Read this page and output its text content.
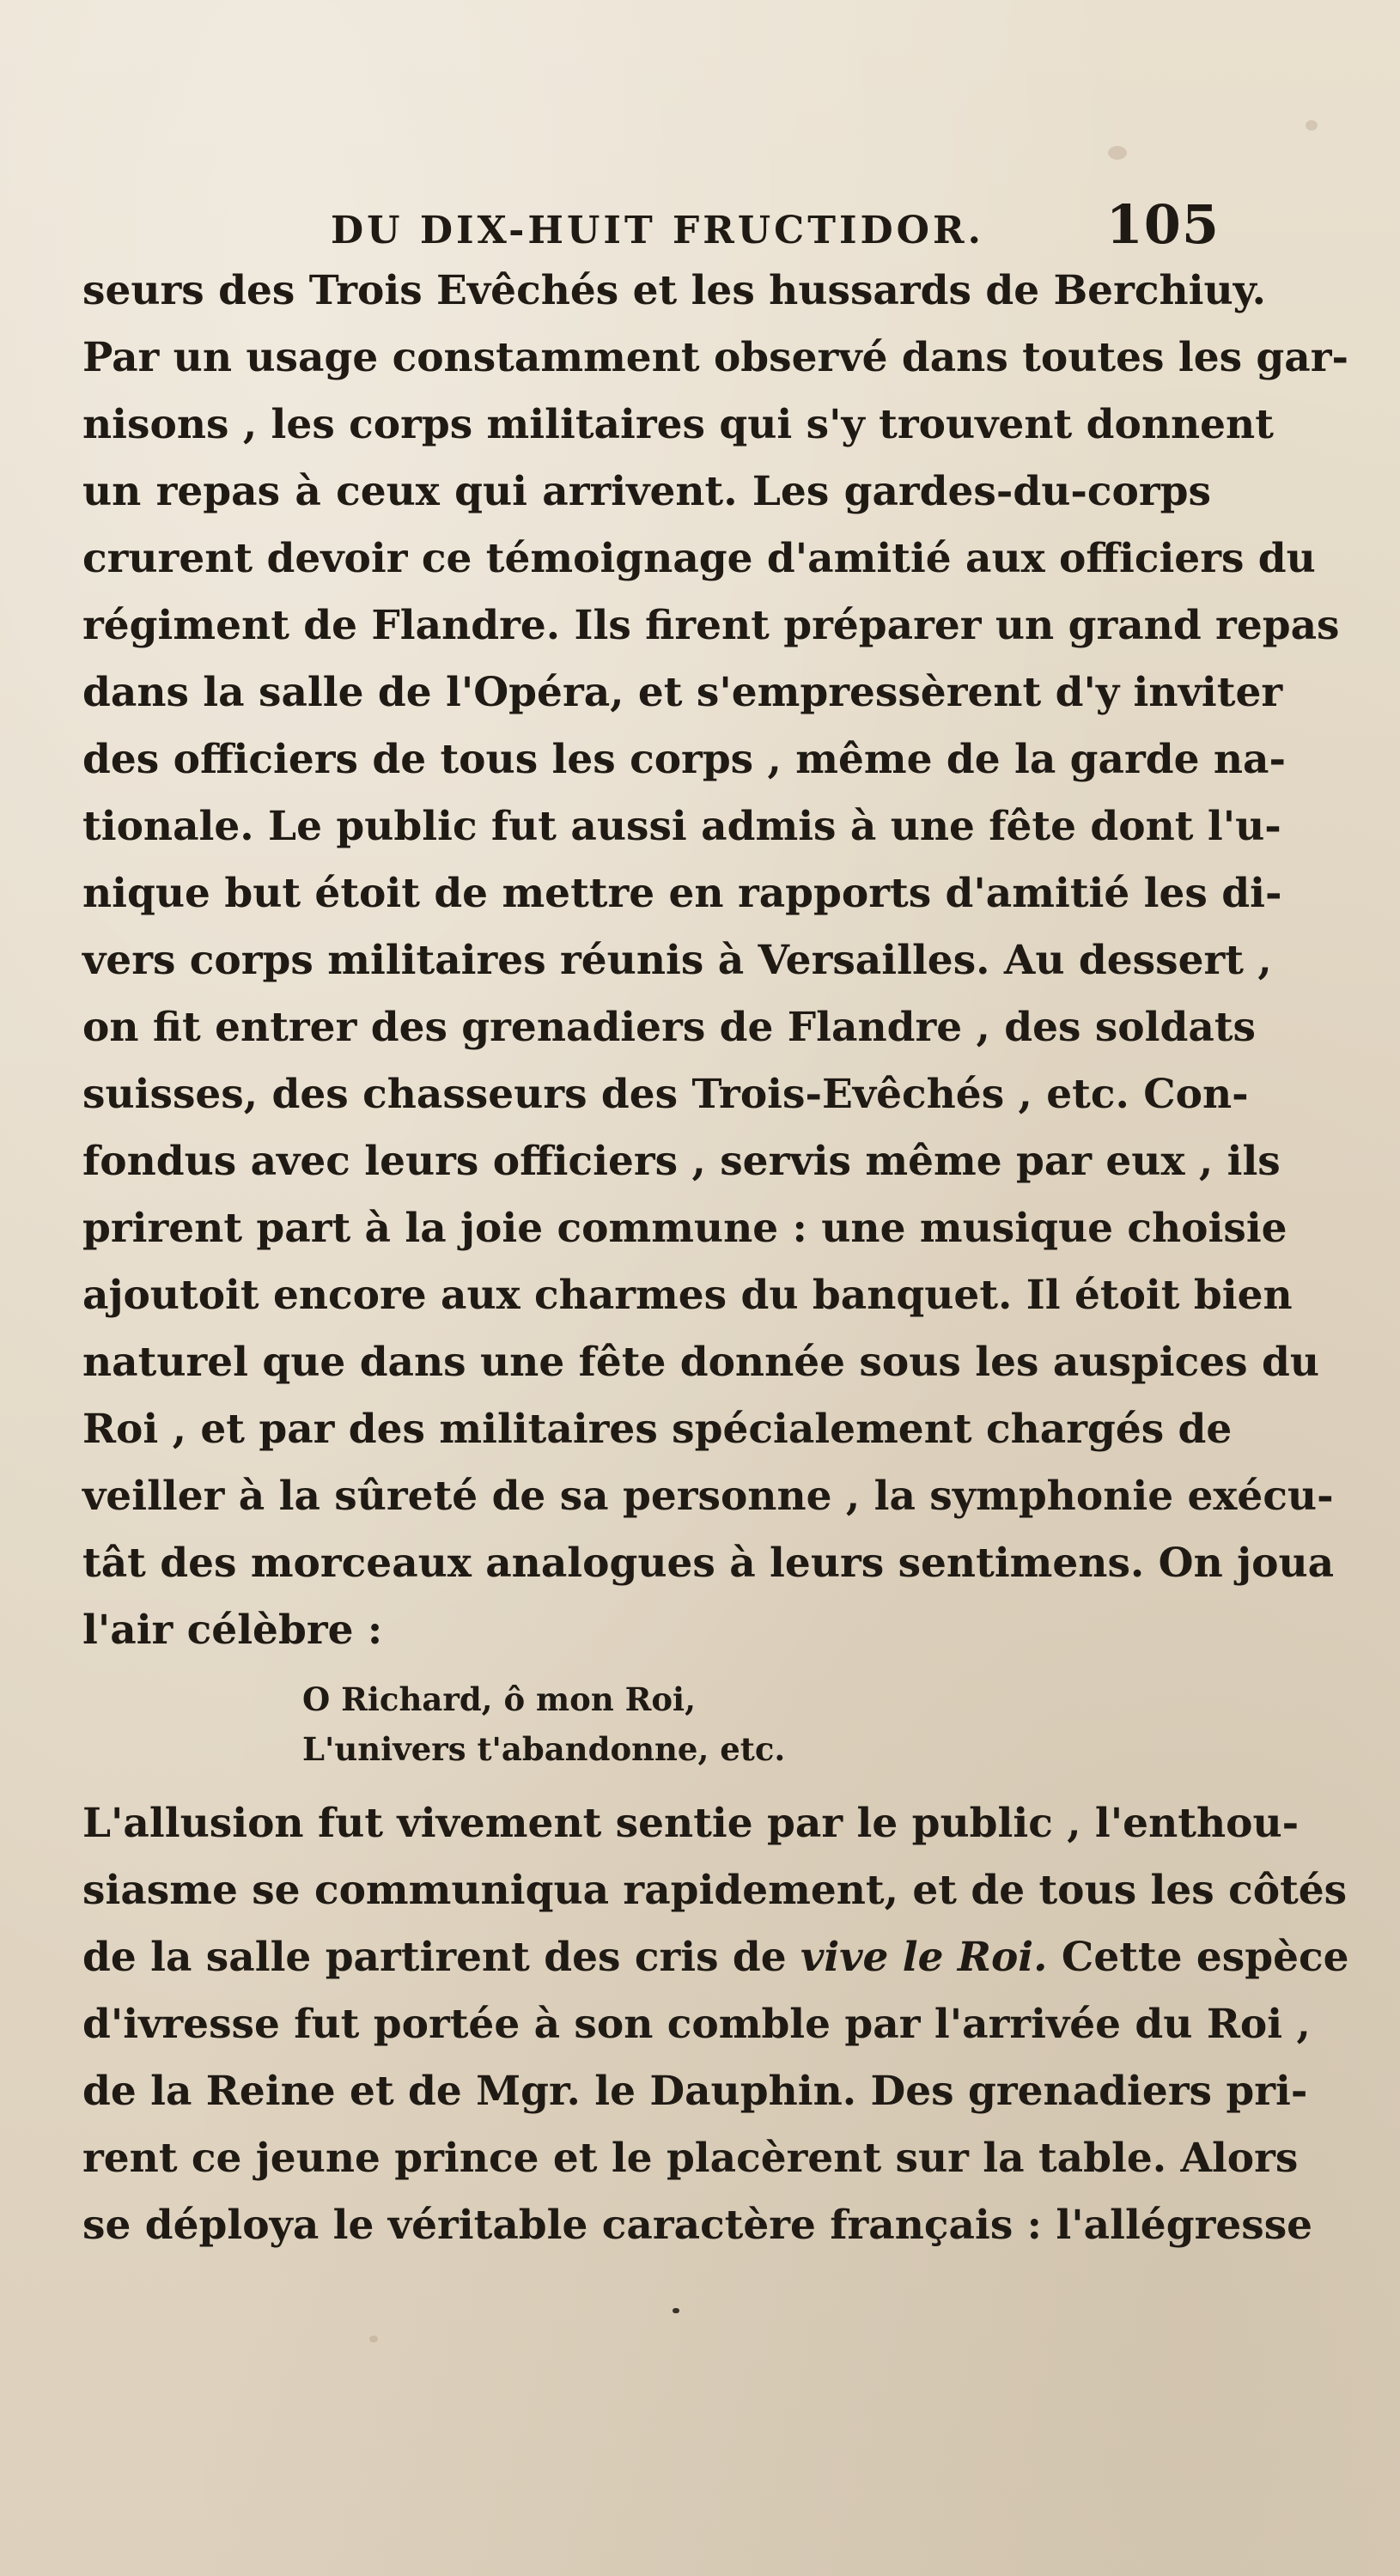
DU DIX-HUIT FRUCTIDOR. 105
seurs des Trois Evêchés et les hussards de Berchiuy.
Par un usage constamment observé dans toutes les gar-
nisons , les corps militaires qui s'y trouvent donnent
un repas à ceux qui arrivent. Les gardes-du-corps
crurent devoir ce témoignage d'amitié aux officiers du
régiment de Flandre. Ils firent préparer un grand repas
dans la salle de l'Opéra, et s'empressèrent d'y inviter
des officiers de tous les corps , même de la garde na-
tionale. Le public fut aussi admis à une fête dont l'u-
nique but étoit de mettre en rapports d'amitié les di-
vers corps militaires réunis à Versailles. Au dessert ,
on fit entrer des grenadiers de Flandre , des soldats
suisses, des chasseurs des Trois-Evêchés , etc. Con-
fondus avec leurs officiers , servis même par eux , ils
prirent part à la joie commune : une musique choisie
ajoutoit encore aux charmes du banquet. Il étoit bien
naturel que dans une fête donnée sous les auspices du
Roi , et par des militaires spécialement chargés de
veiller à la sûreté de sa personne , la symphonie exécu-
tât des morceaux analogues à leurs sentimens. On joua
l'air célèbre :
O Richard, ô mon Roi,
L'univers t'abandonne, etc.
L'allusion fut vivement sentie par le public , l'enthou-
siasme se communiqua rapidement, et de tous les côtés
de la salle partirent des cris de vive le Roi. Cette espèce
d'ivresse fut portée à son comble par l'arrivée du Roi ,
de la Reine et de Mgr. le Dauphin. Des grenadiers pri-
rent ce jeune prince et le placèrent sur la table. Alors
se déploya le véritable caractère français : l'allégresse
